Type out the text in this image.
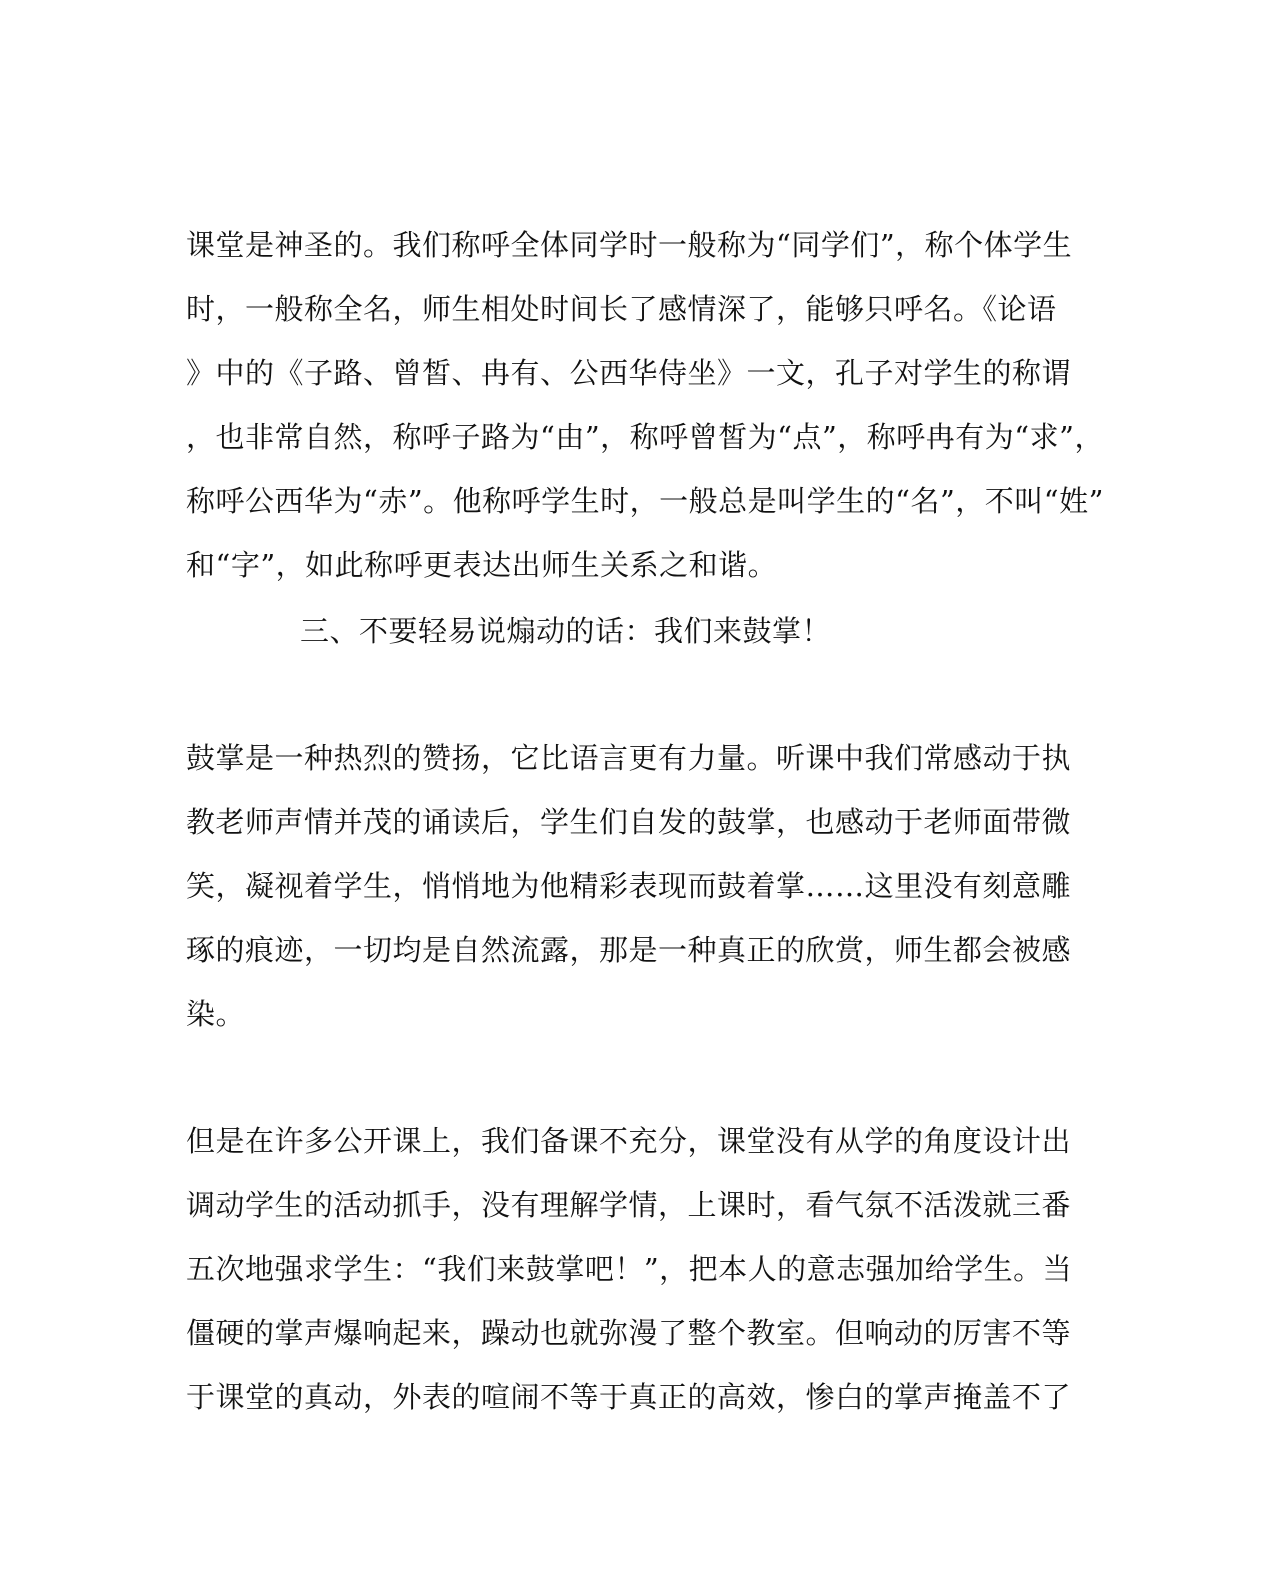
课堂是神圣的。我们称呼全体同学时一般称为“同学们”，称个体学生
时，一般称全名，师生相处时间长了感情深了，能够只呼名。《论语
》中的《子路、曾皙、冉有、公西华侍坐》一文，孔子对学生的称谓
，也非常自然，称呼子路为“由”，称呼曾皙为“点”，称呼冉有为“求”，
称呼公西华为“赤”。他称呼学生时，一般总是叫学生的“名”，不叫“姓”
和“字”，如此称呼更表达出师生关系之和谐。
三、不要轻易说煽动的话：我们来鼓掌！
鼓掌是一种热烈的赞扬，它比语言更有力量。听课中我们常感动于执
教老师声情并茂的诵读后，学生们自发的鼓掌，也感动于老师面带微
笑，凝视着学生，悄悄地为他精彩表现而鼓着掌……这里没有刻意雕
琢的痕迹，一切均是自然流露，那是一种真正的欣赏，师生都会被感
染。
但是在许多公开课上，我们备课不充分，课堂没有从学的角度设计出
调动学生的活动抓手，没有理解学情，上课时，看气氛不活泼就三番
五次地强求学生：“我们来鼓掌吧！”，把本人的意志强加给学生。当
僵硬的掌声爆响起来，躁动也就弥漫了整个教室。但响动的厉害不等
于课堂的真动，外表的喧闹不等于真正的高效，惨白的掌声掩盖不了
